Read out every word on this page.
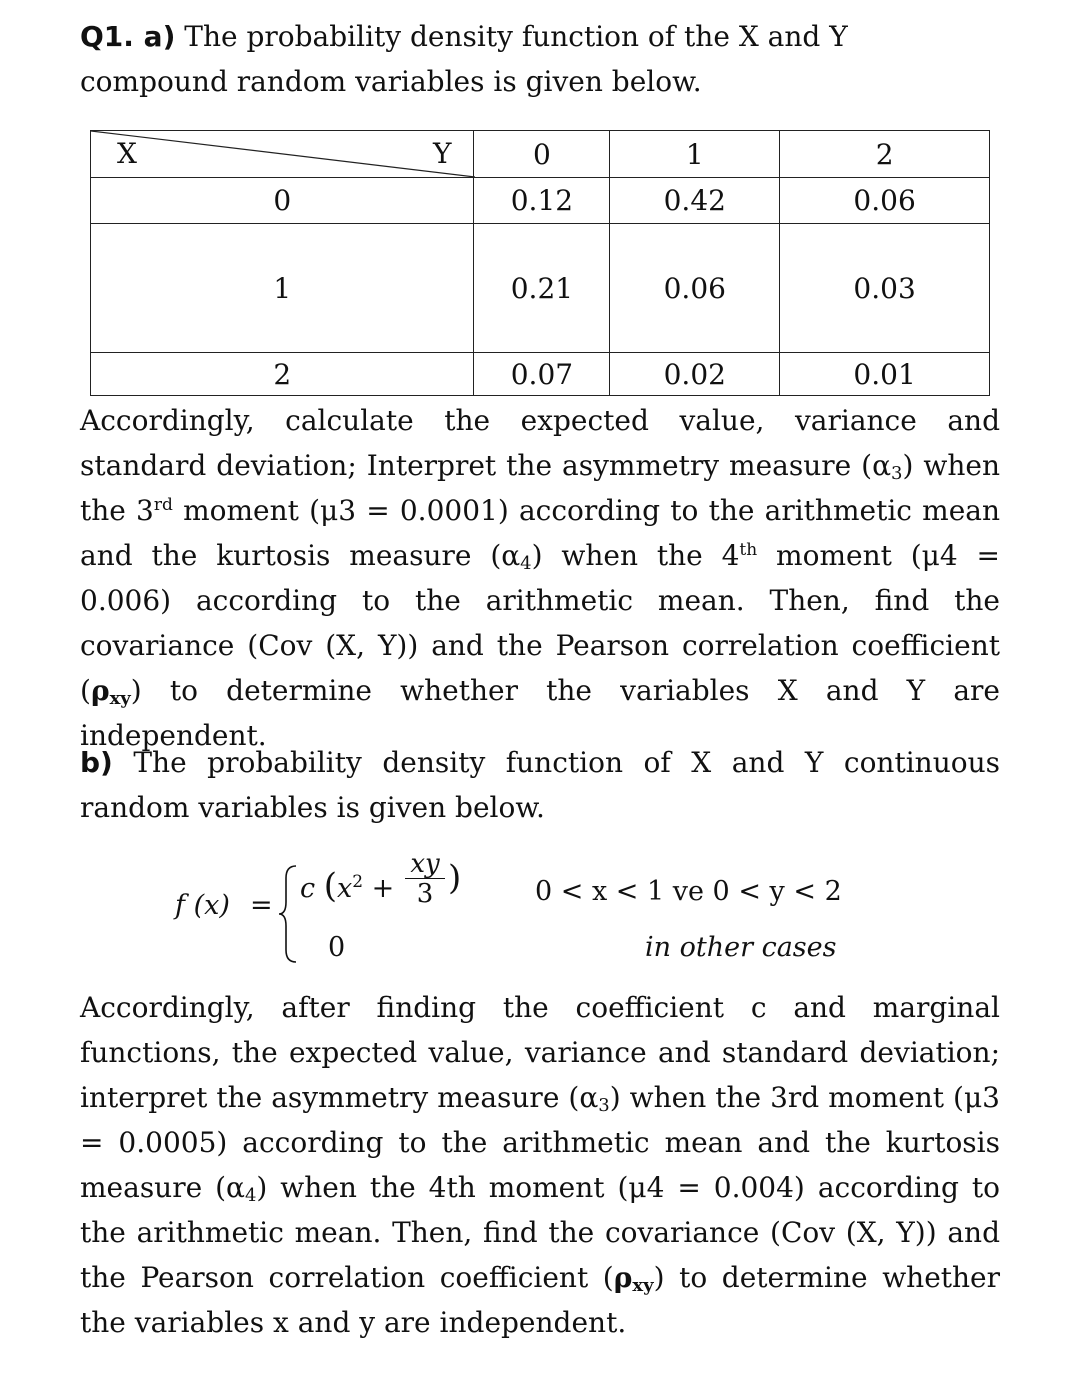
Q1. a) The probability density function of the X and Y compound random variables is given below.

X Y	0	1	2
0	0.12	0.42	0.06
1	0.21	0.06	0.03
2	0.07	0.02	0.01

Accordingly, calculate the expected value, variance and standard deviation; Interpret the asymmetry measure $(\alpha_3)$ when the 3rd moment (μ3 = 0.0001) according to the arithmetic mean and the kurtosis measure $(\alpha_4)$ when the 4th moment (μ4 = 0.006) according to the arithmetic mean. Then, find the covariance (Cov (X, Y)) and the Pearson correlation coefficient $(\rho_{xy})$ to determine whether the variables X and Y are independent.

b) The probability density function of X and Y continuous random variables is given below.

f (x) =
c ($x^2 + \frac{xy}{3}$ )
0
0 < x < 1 ve 0 < y < 2
in other cases

Accordingly, after finding the coefficient c and marginal functions, the expected value, variance and standard deviation; interpret the asymmetry measure $(\alpha_3)$ when the 3rd moment (μ3 = 0.0005) according to the arithmetic mean and the kurtosis measure $(\alpha_4)$ when the 4th moment (μ4 = 0.004) according to the arithmetic mean. Then, find the covariance (Cov (X, Y)) and the Pearson correlation coefficient $(\rho_{xy})$ to determine whether the variables x and y are independent.
